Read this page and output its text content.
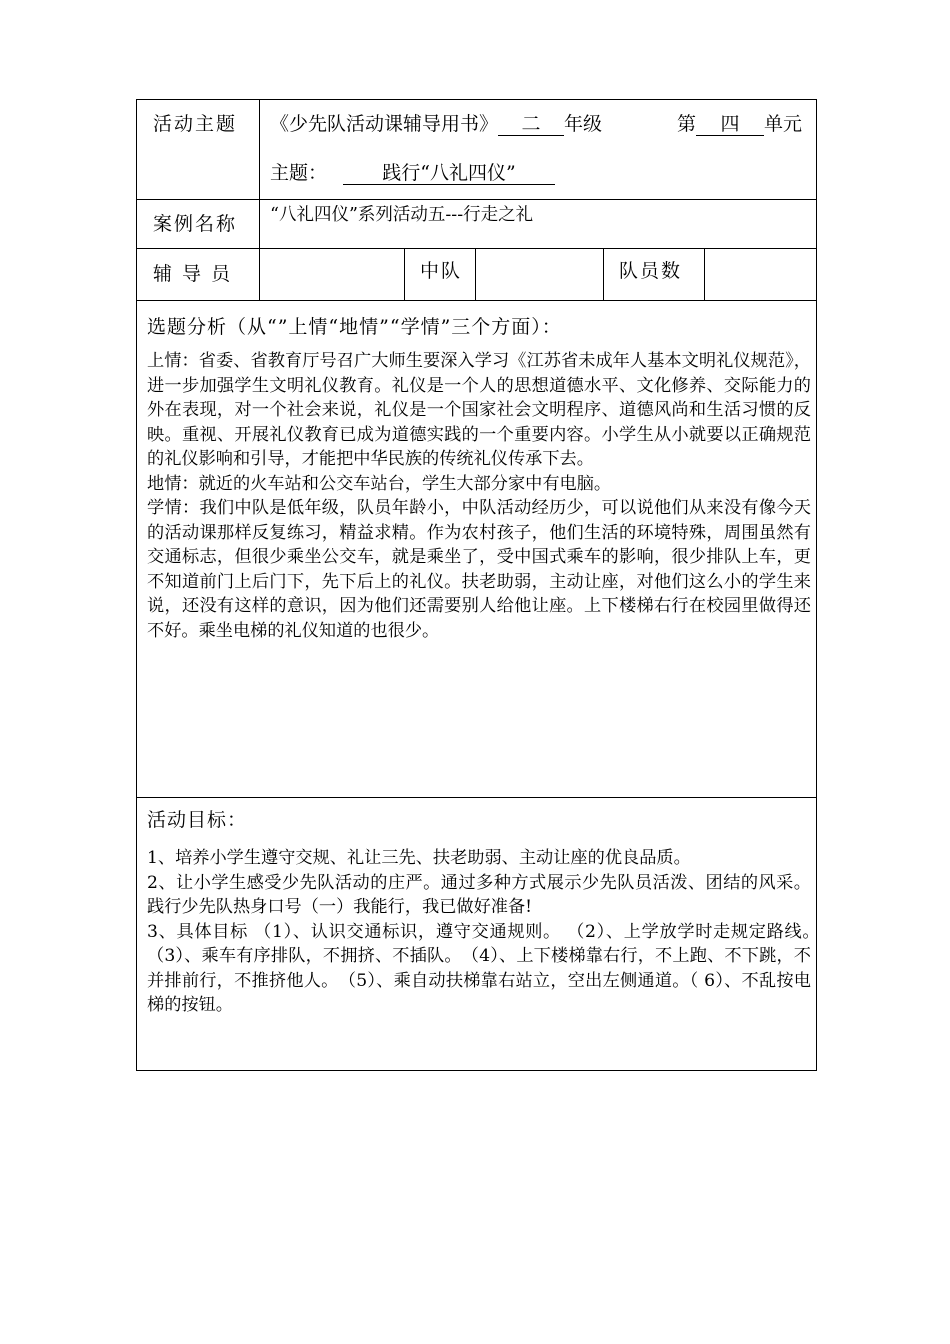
活动主题 《少先队活动课辅导用书》 二 年级	第 四 单元
主题：	践行“八礼四仪”
案例名称 “八礼四仪”系列活动五---行走之礼
辅 导 员	中队	队员数
选题分析（从“”上情“地情”“学情”三个方面）：

上情：省委、省教育厅号召广大师生要深入学习《江苏省未成年人基本文明礼仪规范》，进一步加强学生文明礼仪教育。礼仪是一个人的思想道德水平、文化修养、交际能力的外在表现，对一个社会来说，礼仪是一个国家社会文明程序、道德风尚和生活习惯的反映。重视、开展礼仪教育已成为道德实践的一个重要内容。小学生从小就要以正确规范的礼仪影响和引导，才能把中华民族的传统礼仪传承下去。

地情：就近的火车站和公交车站台，学生大部分家中有电脑。

学情：我们中队是低年级，队员年龄小，中队活动经历少，可以说他们从来没有像今天的活动课那样反复练习，精益求精。作为农村孩子，他们生活的环境特殊，周围虽然有交通标志，但很少乘坐公交车，就是乘坐了，受中国式乘车的影响，很少排队上车，更不知道前门上后门下，先下后上的礼仪。扶老助弱，主动让座，对他们这么小的学生来说，还没有这样的意识，因为他们还需要别人给他让座。上下楼梯右行在校园里做得还不好。乘坐电梯的礼仪知道的也很少。

活动目标：

1、培养小学生遵守交规、礼让三先、扶老助弱、主动让座的优良品质。

2、让小学生感受少先队活动的庄严。通过多种方式展示少先队员活泼、团结的风采。践行少先队热身口号（一）我能行，我已做好准备!

3、具体目标 （1）、认识交通标识，遵守交通规则。 （2）、上学放学时走规定路线。　（3）、乘车有序排队，不拥挤、不插队。　（4）、上下楼梯靠右行，不上跑、不下跳，不并排前行，不推挤他人。　（5）、乘自动扶梯靠右站立，空出左侧通道。（ 6）、不乱按电梯的按钮。
